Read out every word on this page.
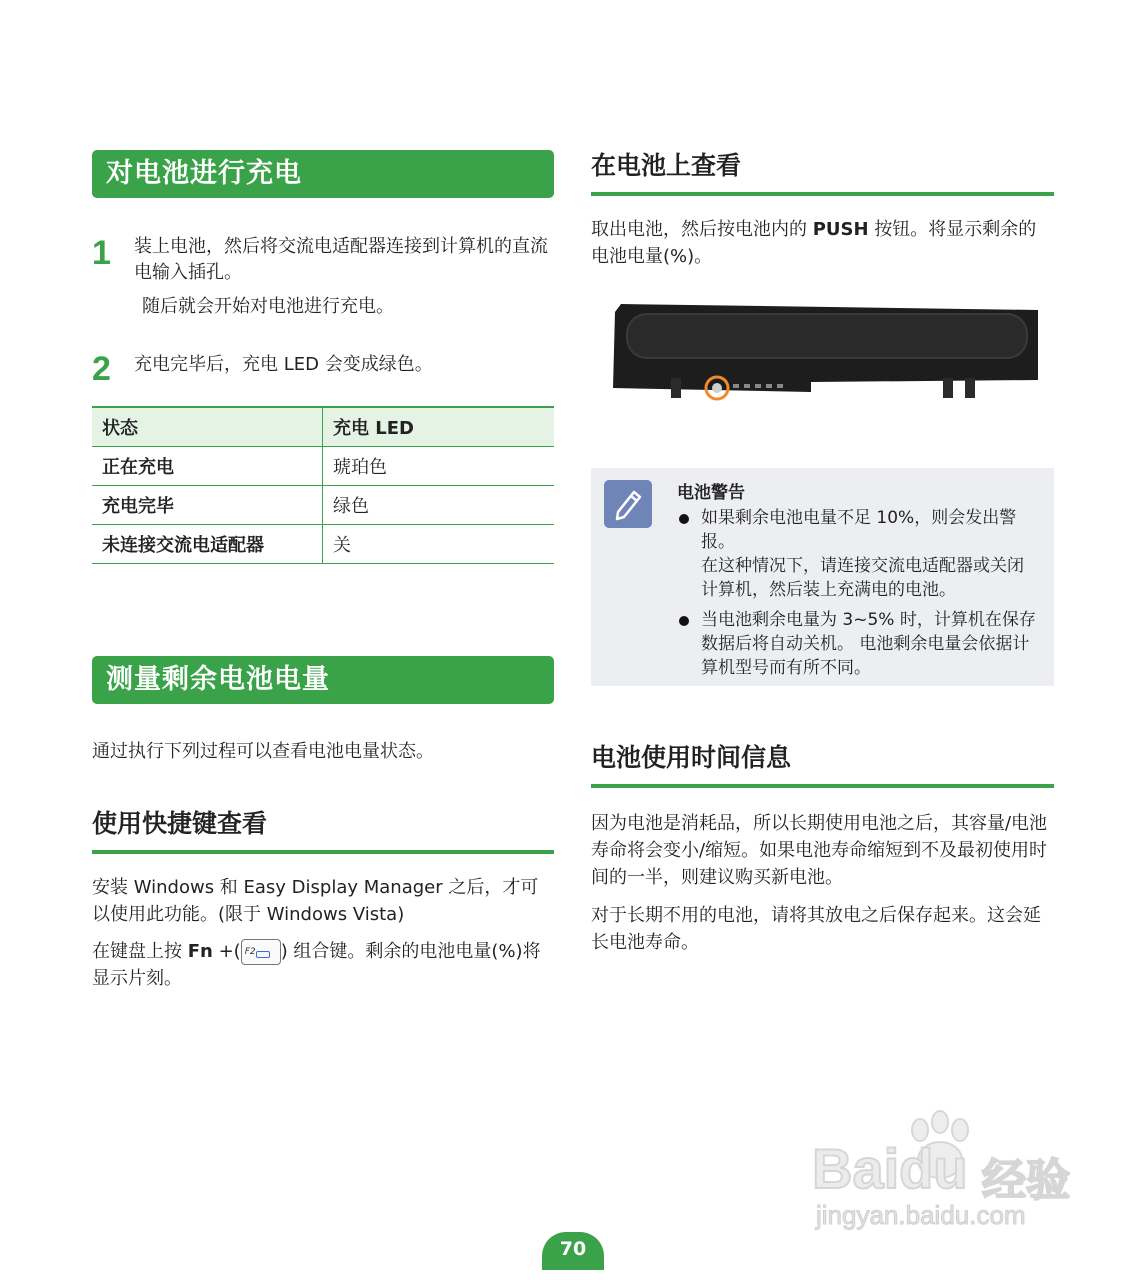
对电池进行充电
1 装上电池，然后将交流电适配器连接到计算机的直流电输入插孔。
随后就会开始对电池进行充电。
2 充电完毕后，充电 LED 会变成绿色。
状态	充电 LED
正在充电	琥珀色
充电完毕	绿色
未连接交流电适配器	关
测量剩余电池电量

通过执行下列过程可以查看电池电量状态。

使用快捷键查看

安装 Windows 和 Easy Display Manager 之后，才可以使用此功能。(限于 Windows Vista)

在键盘上按 Fn +( F2 ) 组合键。剩余的电池电量(%)将显示片刻。

在电池上查看

取出电池，然后按电池内的 PUSH 按钮。将显示剩余的电池电量(%)。

电池警告
如果剩余电池电量不足 10%，则会发出警报。
在这种情况下，请连接交流电适配器或关闭计算机，然后装上充满电的电池。
当电池剩余电量为 3~5% 时，计算机在保存数据后将自动关机。 电池剩余电量会依据计算机型号而有所不同。
电池使用时间信息

因为电池是消耗品，所以长期使用电池之后，其容量/电池寿命将会变小/缩短。如果电池寿命缩短到不及最初使用时间的一半，则建议购买新电池。

对于长期不用的电池，请将其放电之后保存起来。这会延长电池寿命。

Baidu 经验
jingyan.baidu.com
70
